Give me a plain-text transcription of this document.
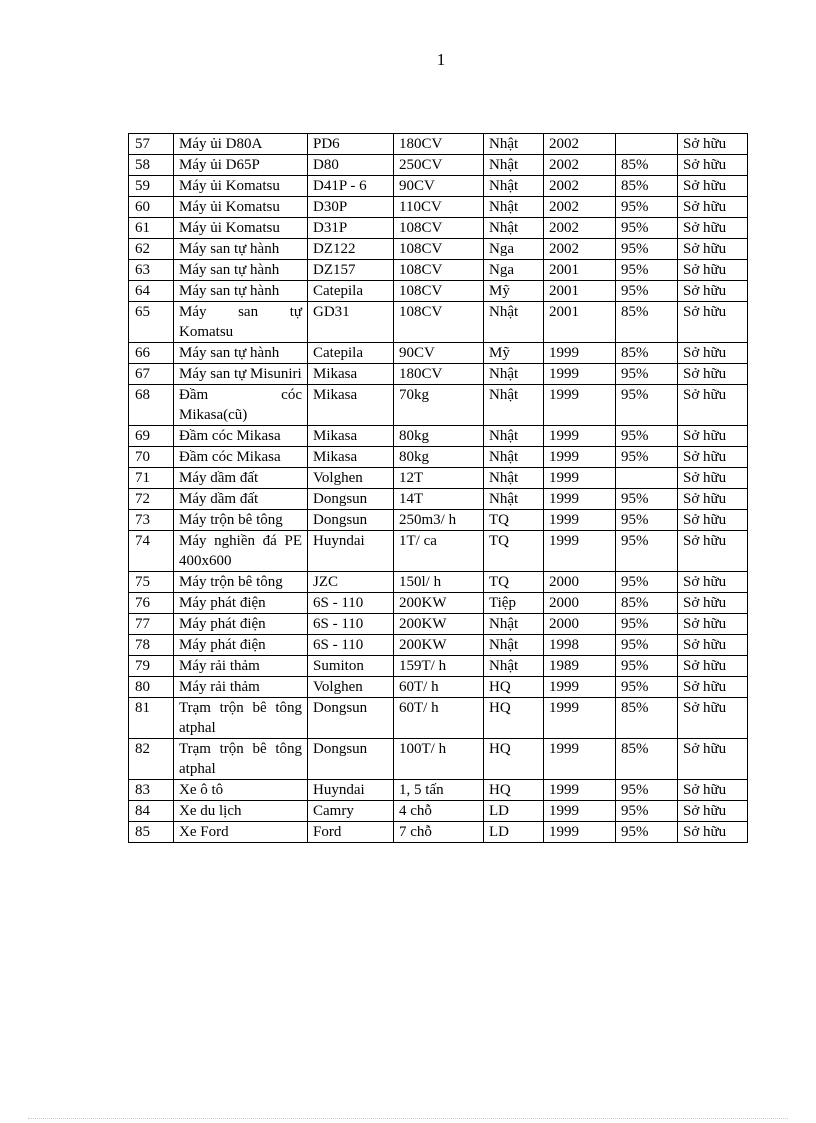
1
57	Máy ủi D80A	PD6	180CV	Nhật	2002		Sở hữu
58	Máy ủi D65P	D80	250CV	Nhật	2002	85%	Sở hữu
59	Máy ủi Komatsu	D41P - 6	90CV	Nhật	2002	85%	Sở hữu
60	Máy ủi Komatsu	D30P	110CV	Nhật	2002	95%	Sở hữu
61	Máy ủi Komatsu	D31P	108CV	Nhật	2002	95%	Sở hữu
62	Máy san tự hành	DZ122	108CV	Nga	2002	95%	Sở hữu
63	Máy san tự hành	DZ157	108CV	Nga	2001	95%	Sở hữu
64	Máy san tự hành	Catepila	108CV	Mỹ	2001	95%	Sở hữu
65	Máy san tự Komatsu	GD31	108CV	Nhật	2001	85%	Sở hữu
66	Máy san tự hành	Catepila	90CV	Mỹ	1999	85%	Sở hữu
67	Máy san tự Misuniri	Mikasa	180CV	Nhật	1999	95%	Sở hữu
68	Đầm cóc Mikasa(cũ)	Mikasa	70kg	Nhật	1999	95%	Sở hữu
69	Đầm cóc Mikasa	Mikasa	80kg	Nhật	1999	95%	Sở hữu
70	Đầm cóc Mikasa	Mikasa	80kg	Nhật	1999	95%	Sở hữu
71	Máy dầm đất	Volghen	12T	Nhật	1999		Sở hữu
72	Máy dầm đất	Dongsun	14T	Nhật	1999	95%	Sở hữu
73	Máy trộn bê tông	Dongsun	250m3/ h	TQ	1999	95%	Sở hữu
74	Máy nghiền đá PE 400x600	Huyndai	1T/ ca	TQ	1999	95%	Sở hữu
75	Máy trộn bê tông	JZC	150l/ h	TQ	2000	95%	Sở hữu
76	Máy phát điện	6S - 110	200KW	Tiệp	2000	85%	Sở hữu
77	Máy phát điện	6S - 110	200KW	Nhật	2000	95%	Sở hữu
78	Máy phát điện	6S - 110	200KW	Nhật	1998	95%	Sở hữu
79	Máy rải thảm	Sumiton	159T/ h	Nhật	1989	95%	Sở hữu
80	Máy rải thảm	Volghen	60T/ h	HQ	1999	95%	Sở hữu
81	Trạm trộn bê tông atphal	Dongsun	60T/ h	HQ	1999	85%	Sở hữu
82	Trạm trộn bê tông atphal	Dongsun	100T/ h	HQ	1999	85%	Sở hữu
83	Xe ô tô	Huyndai	1, 5 tấn	HQ	1999	95%	Sở hữu
84	Xe du lịch	Camry	4 chỗ	LD	1999	95%	Sở hữu
85	Xe Ford	Ford	7 chỗ	LD	1999	95%	Sở hữu
